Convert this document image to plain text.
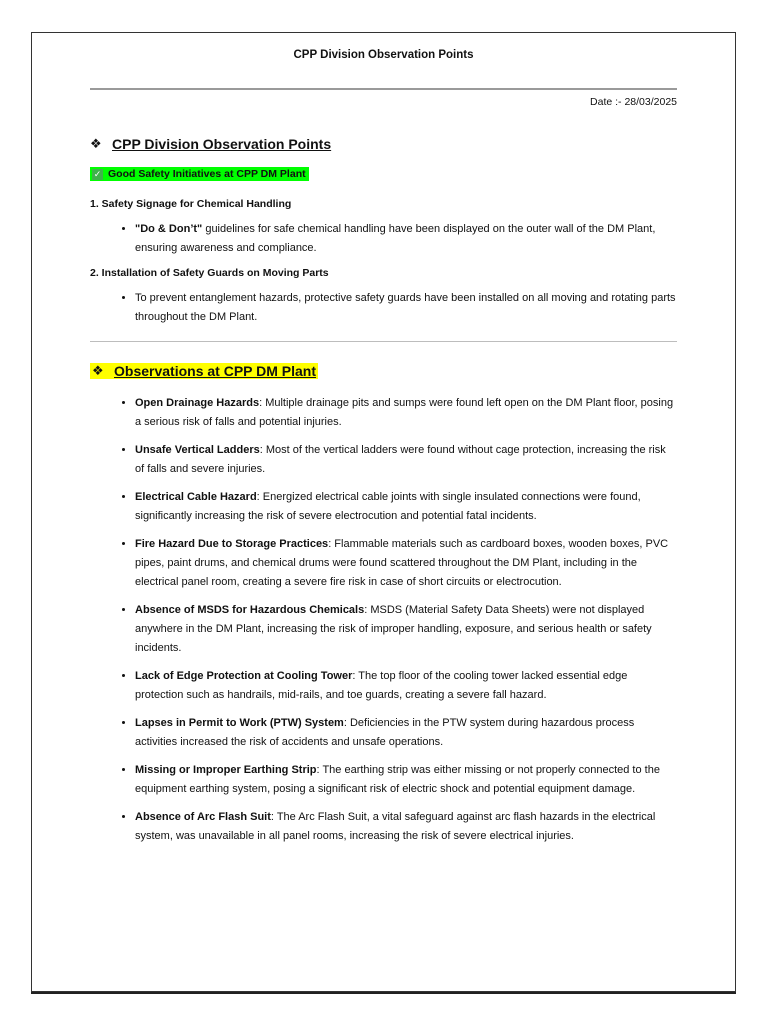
CPP Division Observation Points
Date :- 28/03/2025
❖ CPP Division Observation Points
✓ Good Safety Initiatives at CPP DM Plant
1. Safety Signage for Chemical Handling
• "Do & Don’t" guidelines for safe chemical handling have been displayed on the outer wall of the DM Plant, ensuring awareness and compliance.
2. Installation of Safety Guards on Moving Parts
• To prevent entanglement hazards, protective safety guards have been installed on all moving and rotating parts throughout the DM Plant.
❖ Observations at CPP DM Plant
• Open Drainage Hazards: Multiple drainage pits and sumps were found left open on the DM Plant floor, posing a serious risk of falls and potential injuries.
• Unsafe Vertical Ladders: Most of the vertical ladders were found without cage protection, increasing the risk of falls and severe injuries.
• Electrical Cable Hazard: Energized electrical cable joints with single insulated connections were found, significantly increasing the risk of severe electrocution and potential fatal incidents.
• Fire Hazard Due to Storage Practices: Flammable materials such as cardboard boxes, wooden boxes, PVC pipes, paint drums, and chemical drums were found scattered throughout the DM Plant, including in the electrical panel room, creating a severe fire risk in case of short circuits or electrocution.
• Absence of MSDS for Hazardous Chemicals: MSDS (Material Safety Data Sheets) were not displayed anywhere in the DM Plant, increasing the risk of improper handling, exposure, and serious health or safety incidents.
• Lack of Edge Protection at Cooling Tower: The top floor of the cooling tower lacked essential edge protection such as handrails, mid-rails, and toe guards, creating a severe fall hazard.
• Lapses in Permit to Work (PTW) System: Deficiencies in the PTW system during hazardous process activities increased the risk of accidents and unsafe operations.
• Missing or Improper Earthing Strip: The earthing strip was either missing or not properly connected to the equipment earthing system, posing a significant risk of electric shock and potential equipment damage.
• Absence of Arc Flash Suit: The Arc Flash Suit, a vital safeguard against arc flash hazards in the electrical system, was unavailable in all panel rooms, increasing the risk of severe electrical injuries.
